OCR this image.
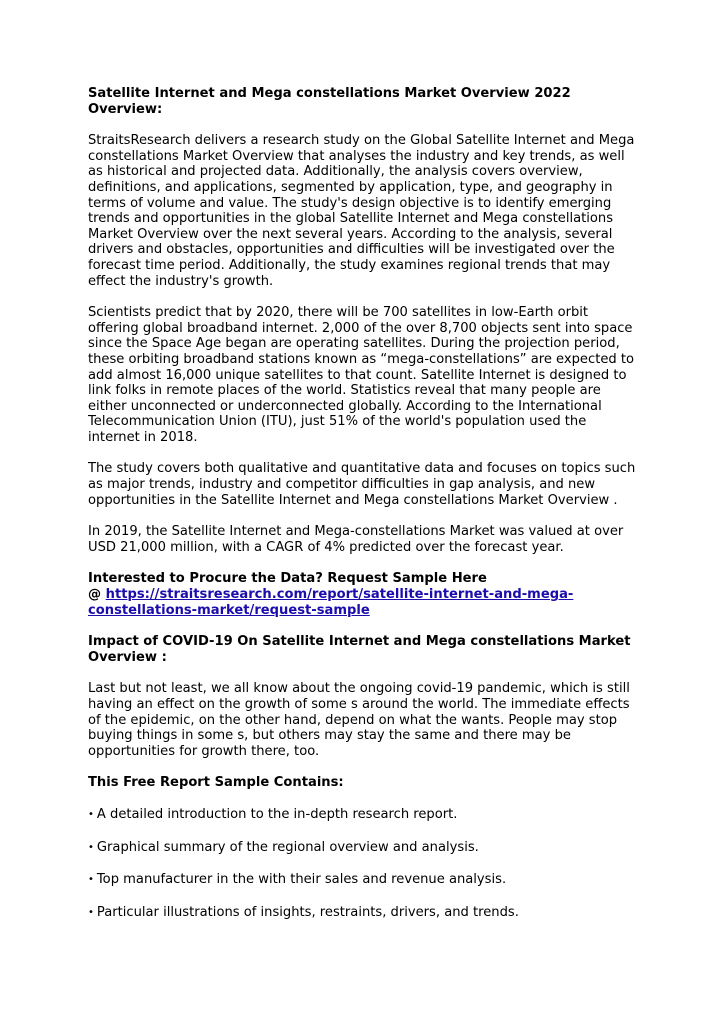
Satellite Internet and Mega constellations Market Overview 2022 Overview:
StraitsResearch delivers a research study on the Global Satellite Internet and Mega constellations Market Overview that analyses the industry and key trends, as well as historical and projected data. Additionally, the analysis covers overview, definitions, and applications, segmented by application, type, and geography in terms of volume and value. The study's design objective is to identify emerging trends and opportunities in the global Satellite Internet and Mega constellations Market Overview over the next several years. According to the analysis, several drivers and obstacles, opportunities and difficulties will be investigated over the forecast time period. Additionally, the study examines regional trends that may effect the industry's growth.
Scientists predict that by 2020, there will be 700 satellites in low-Earth orbit offering global broadband internet. 2,000 of the over 8,700 objects sent into space since the Space Age began are operating satellites. During the projection period, these orbiting broadband stations known as “mega-constellations” are expected to add almost 16,000 unique satellites to that count. Satellite Internet is designed to link folks in remote places of the world. Statistics reveal that many people are either unconnected or underconnected globally. According to the International Telecommunication Union (ITU), just 51% of the world's population used the internet in 2018.
The study covers both qualitative and quantitative data and focuses on topics such as major trends, industry and competitor difficulties in gap analysis, and new opportunities in the Satellite Internet and Mega constellations Market Overview .
In 2019, the Satellite Internet and Mega-constellations Market was valued at over USD 21,000 million, with a CAGR of 4% predicted over the forecast year.
Interested to Procure the Data? Request Sample Here
@ https://straitsresearch.com/report/satellite-internet-and-mega-constellations-market/request-sample
Impact of COVID-19 On Satellite Internet and Mega constellations Market Overview :
Last but not least, we all know about the ongoing covid-19 pandemic, which is still having an effect on the growth of some s around the world. The immediate effects of the epidemic, on the other hand, depend on what the wants. People may stop buying things in some s, but others may stay the same and there may be opportunities for growth there, too.
This Free Report Sample Contains:
• A detailed introduction to the in-depth research report.
• Graphical summary of the regional overview and analysis.
• Top manufacturer in the with their sales and revenue analysis.
• Particular illustrations of insights, restraints, drivers, and trends.
